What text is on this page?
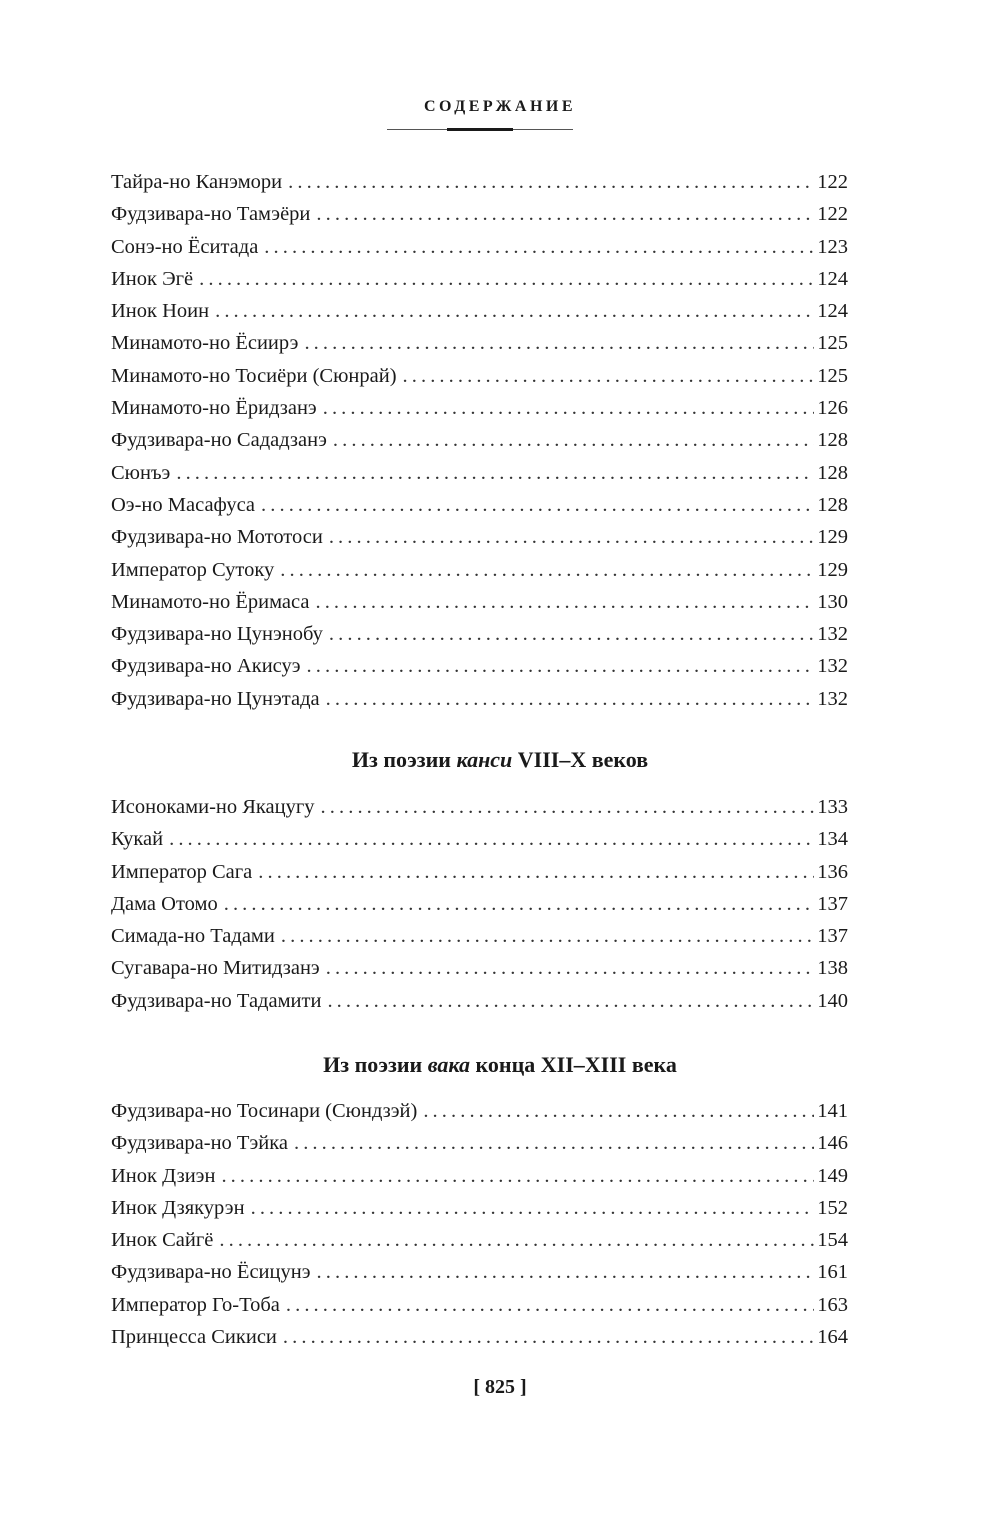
СОДЕРЖАНИЕ
Тайра-но Канэмори .....	122
Фудзивара-но Тамэёри .....	122
Сонэ-но Ёситада .....	123
Инок Эгё .....	124
Инок Ноин .....	124
Минамото-но Ёсиирэ .....	125
Минамото-но Тосиёри (Сюнрай) .....	125
Минамото-но Ёридзанэ .....	126
Фудзивара-но Сададзанэ .....	128
Сюнъэ .....	128
Оэ-но Масафуса .....	128
Фудзивара-но Мототоси .....	129
Император Сутоку .....	129
Минамото-но Ёримаса .....	130
Фудзивара-но Цунэнобу .....	132
Фудзивара-но Акисуэ .....	132
Фудзивара-но Цунэтада .....	132
Из поэзии канси VIII–X веков
Исоноками-но Якацугу .....	133
Кукай .....	134
Император Сага .....	136
Дама Отомо .....	137
Симада-но Тадами .....	137
Сугавара-но Митидзанэ .....	138
Фудзивара-но Тадамити .....	140
Из поэзии вака конца XII–XIII века
Фудзивара-но Тосинари (Сюндзэй) .....	141
Фудзивара-но Тэйка .....	146
Инок Дзиэн .....	149
Инок Дзякурэн .....	152
Инок Сайгё .....	154
Фудзивара-но Ёсицунэ .....	161
Император Го-Тоба .....	163
Принцесса Сикиси .....	164
[ 825 ]
